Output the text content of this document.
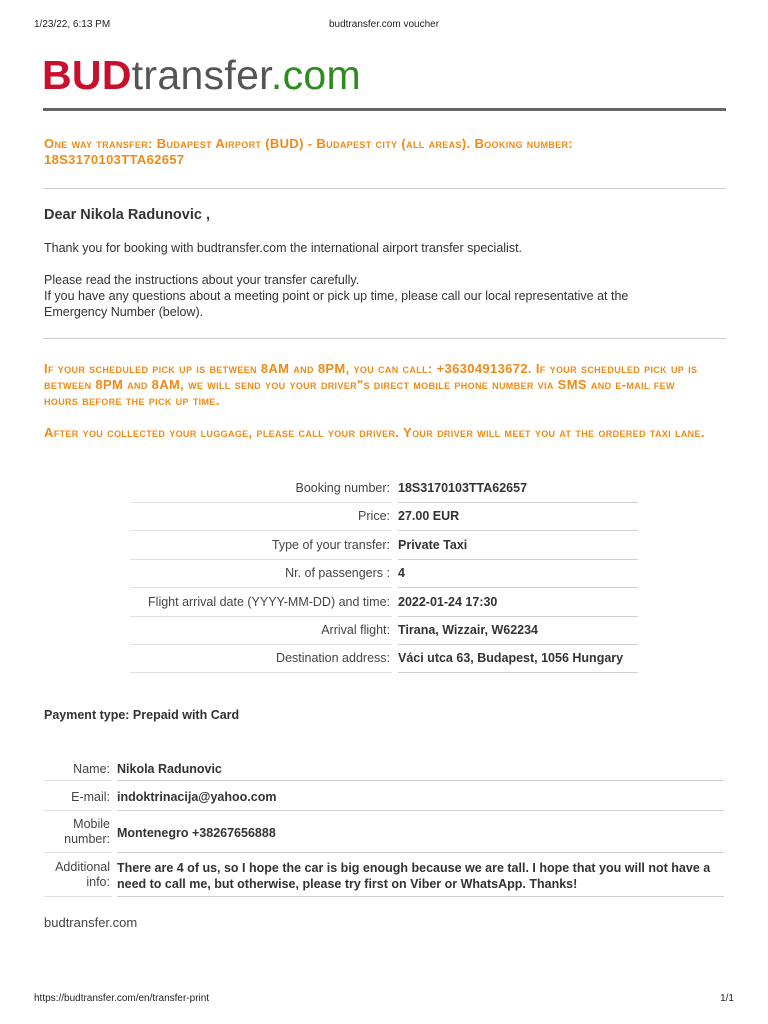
1/23/22, 6:13 PM	budtransfer.com voucher
BUDtransfer.com
One way transfer: Budapest Airport (BUD) - Budapest city (all areas). Booking number: 18S3170103TTA62657
Dear Nikola Radunovic ,
Thank you for booking with budtransfer.com the international airport transfer specialist.
Please read the instructions about your transfer carefully.
If you have any questions about a meeting point or pick up time, please call our local representative at the Emergency Number (below).
If your scheduled pick up is between 8AM and 8PM, you can call: +36304913672. If your scheduled pick up is between 8PM and 8AM, we will send you your driver"s direct mobile phone number via SMS and e-mail few hours before the pick up time.
After you collected your luggage, please call your driver. Your driver will meet you at the ordered taxi lane.
Booking number: 18S3170103TTA62657
Price: 27.00 EUR
Type of your transfer: Private Taxi
Nr. of passengers : 4
Flight arrival date (YYYY-MM-DD) and time: 2022-01-24 17:30
Arrival flight: Tirana, Wizzair, W62234
Destination address: Váci utca 63, Budapest, 1056 Hungary
Payment type: Prepaid with Card
Name: Nikola Radunovic
E-mail: indoktrinacija@yahoo.com
Mobile number: Montenegro +38267656888
Additional info:
There are 4 of us, so I hope the car is big enough because we are tall. I hope that you will not have a need to call me, but otherwise, please try first on Viber or WhatsApp. Thanks!
budtransfer.com
https://budtransfer.com/en/transfer-print	1/1
